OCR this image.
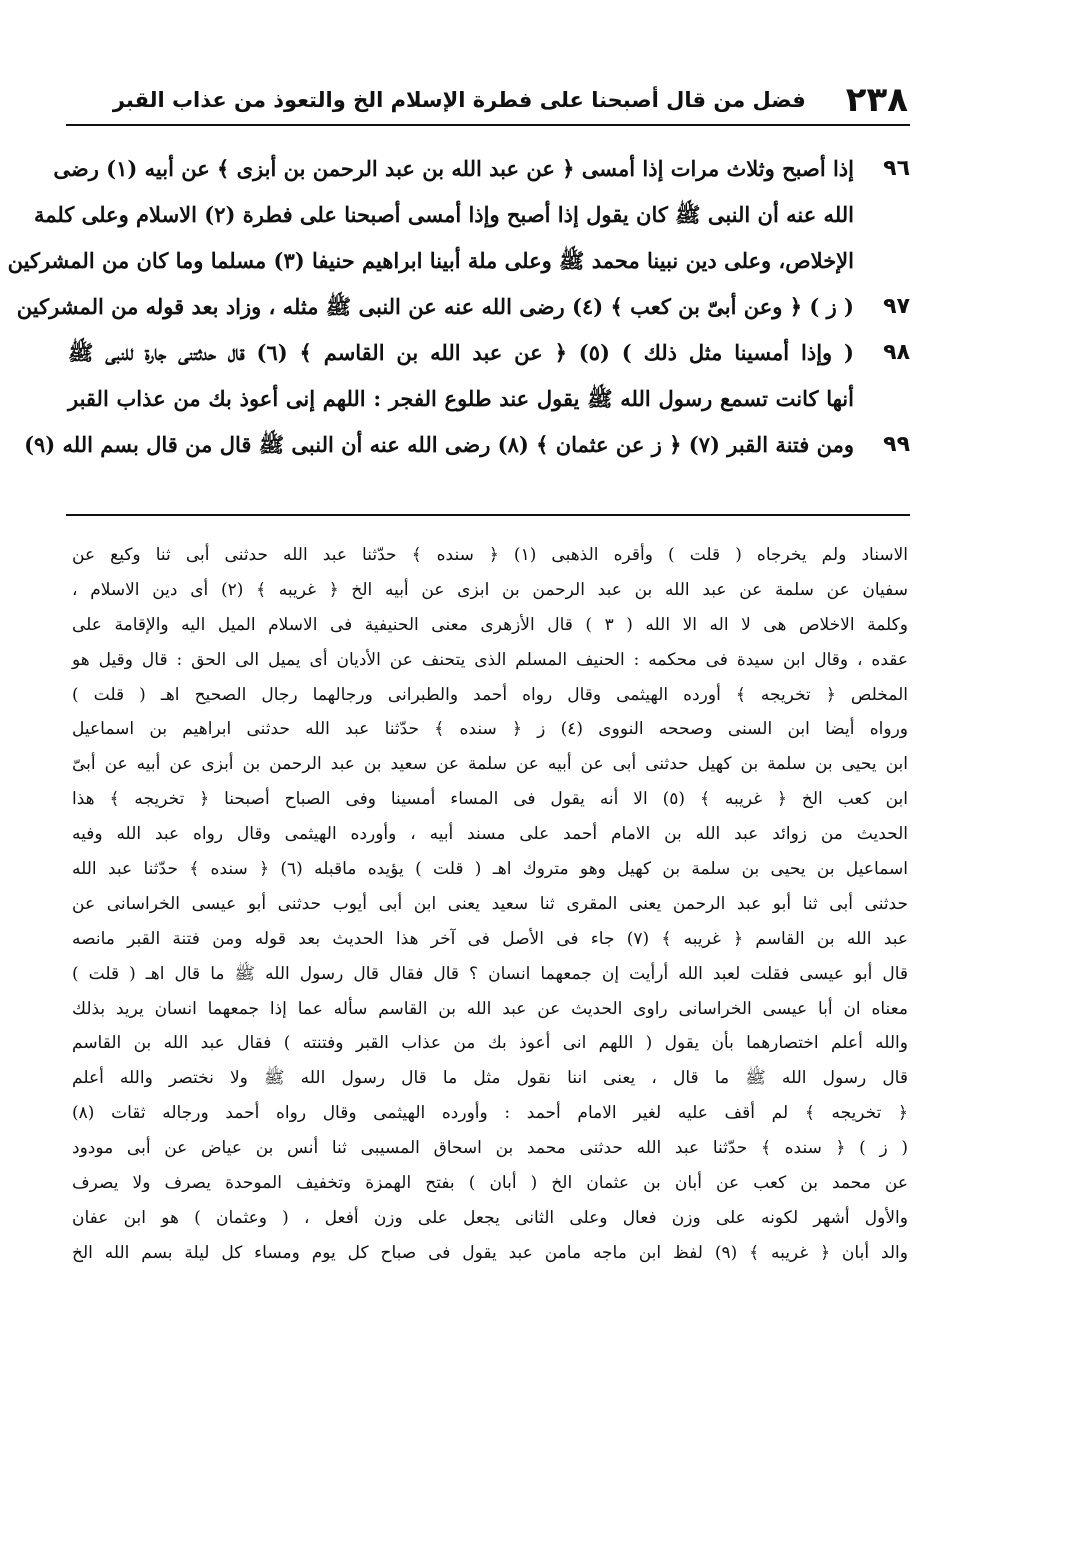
٢٣٨
فضل من قال أصبحنا على فطرة الإسلام الخ والتعوذ من عذاب القبر
٩٦
إذا أصبح وثلاث مرات إذا أمسى ﴿ عن عبد الله بن عبد الرحمن بن أبزى ﴾ عن أبيه (١) رضى
الله عنه أن النبى ﷺ كان يقول إذا أصبح وإذا أمسى أصبحنا على فطرة (٢) الاسلام وعلى كلمة
الإخلاص، وعلى دين نبينا محمد ﷺ وعلى ملة أبينا ابراهيم حنيفا (٣) مسلما وما كان من المشركين
٩٧
( ز ) ﴿ وعن أبىّ بن كعب ﴾ (٤) رضى الله عنه عن النبى ﷺ مثله ، وزاد بعد قوله من المشركين
٩٨
( وإذا أمسينا مثل ذلك ) (٥) ﴿ عن عبد الله بن القاسم ﴾ (٦) قال حدثتنى جارة للنبى ﷺ
أنها كانت تسمع رسول الله ﷺ يقول عند طلوع الفجر : اللهم إنى أعوذ بك من عذاب القبر
٩٩
ومن فتنة القبر (٧) ﴿ ز عن عثمان ﴾ (٨) رضى الله عنه أن النبى ﷺ قال من قال بسم الله (٩)
الاسناد ولم يخرجاه ( قلت ) وأقره الذهبى (١) ﴿ سنده ﴾ حدّثنا عبد الله حدثنى أبى ثنا وكيع عن
سفيان عن سلمة عن عبد الله بن عبد الرحمن بن ابزى عن أبيه الخ ﴿ غريبه ﴾ (٢) أى دين الاسلام ،
وكلمة الاخلاص هى لا اله الا الله ( ٣ ) قال الأزهرى معنى الحنيفية فى الاسلام الميل اليه والإقامة على
عقده ، وقال ابن سيدة فى محكمه : الحنيف المسلم الذى يتحنف عن الأديان أى يميل الى الحق : قال وقيل هو
المخلص ﴿ تخريجه ﴾ أورده الهيثمى وقال رواه أحمد والطبرانى ورجالهما رجال الصحيح اهـ ( قلت )
ورواه أيضا ابن السنى وصححه النووى (٤) ز ﴿ سنده ﴾ حدّثنا عبد الله حدثنى ابراهيم بن اسماعيل
ابن يحيى بن سلمة بن كهيل حدثنى أبى عن أبيه عن سلمة عن سعيد بن عبد الرحمن بن أبزى عن أبيه عن أبىّ
ابن كعب الخ ﴿ غريبه ﴾ (٥) الا أنه يقول فى المساء أمسينا وفى الصباح أصبحنا ﴿ تخريجه ﴾ هذا
الحديث من زوائد عبد الله بن الامام أحمد على مسند أبيه ، وأورده الهيثمى وقال رواه عبد الله وفيه
اسماعيل بن يحيى بن سلمة بن كهيل وهو متروك اهـ ( قلت ) يؤيده ماقبله (٦) ﴿ سنده ﴾ حدّثنا عبد الله
حدثنى أبى ثنا أبو عبد الرحمن يعنى المقرى ثنا سعيد يعنى ابن أبى أيوب حدثنى أبو عيسى الخراسانى عن
عبد الله بن القاسم ﴿ غريبه ﴾ (٧) جاء فى الأصل فى آخر هذا الحديث بعد قوله ومن فتنة القبر مانصه
قال أبو عيسى فقلت لعبد الله أرأيت إن جمعهما انسان ؟ قال فقال قال رسول الله ﷺ ما قال اهـ ( قلت )
معناه ان أبا عيسى الخراسانى راوى الحديث عن عبد الله بن القاسم سأله عما إذا جمعهما انسان يريد بذلك
والله أعلم اختصارهما بأن يقول ( اللهم انى أعوذ بك من عذاب القبر وفتنته ) فقال عبد الله بن القاسم
قال رسول الله ﷺ ما قال ، يعنى اننا نقول مثل ما قال رسول الله ﷺ ولا نختصر والله أعلم
﴿ تخريجه ﴾ لم أقف عليه لغير الامام أحمد : وأورده الهيثمى وقال رواه أحمد ورجاله ثقات (٨)
( ز ) ﴿ سنده ﴾ حدّثنا عبد الله حدثنى محمد بن اسحاق المسيبى ثنا أنس بن عياض عن أبى مودود
عن محمد بن كعب عن أبان بن عثمان الخ ( أبان ) بفتح الهمزة وتخفيف الموحدة يصرف ولا يصرف
والأول أشهر لكونه على وزن فعال وعلى الثانى يجعل على وزن أفعل ، ( وعثمان ) هو ابن عفان
والد أبان ﴿ غريبه ﴾ (٩) لفظ ابن ماجه مامن عبد يقول فى صباح كل يوم ومساء كل ليلة بسم الله الخ
